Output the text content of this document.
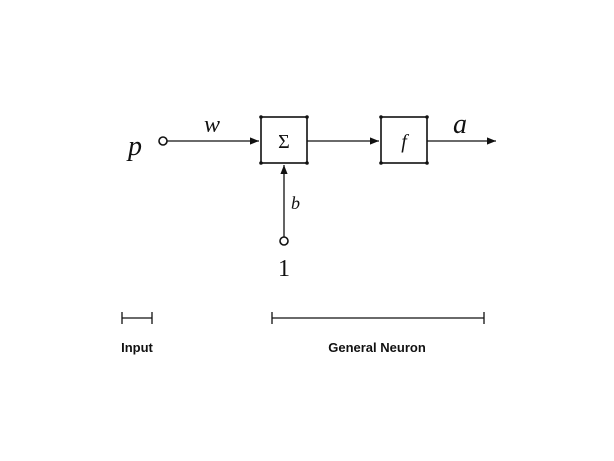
p
w
Σ	f
a
b
1
Input	General Neuron
